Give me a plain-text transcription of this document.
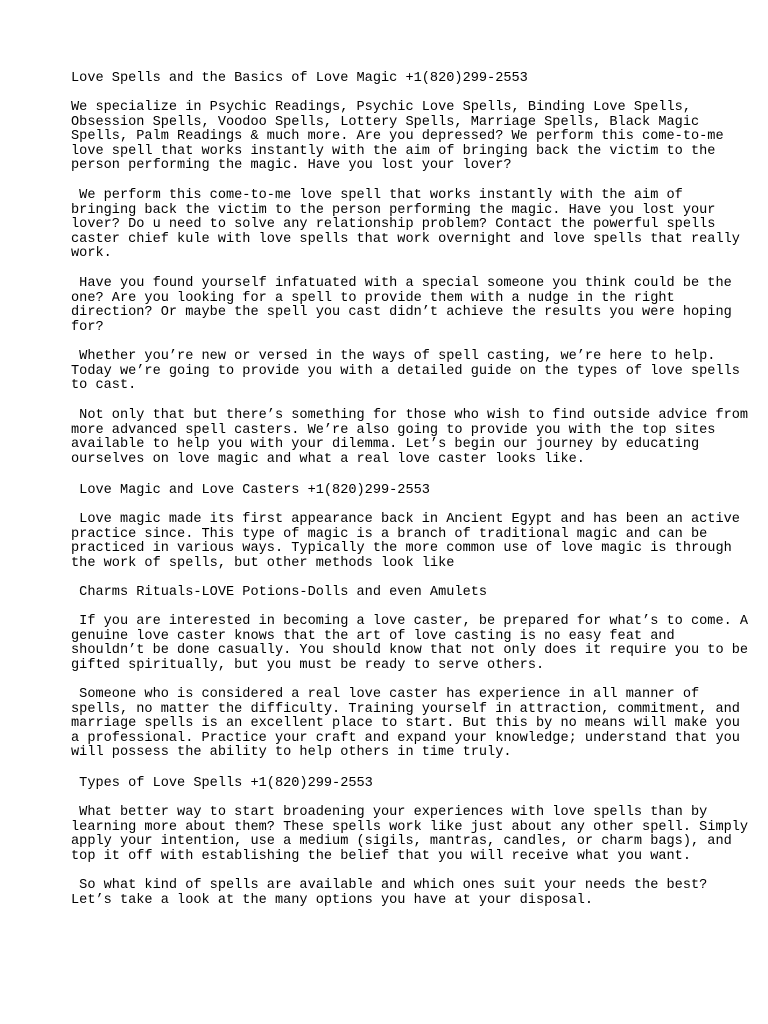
Love Spells and the Basics of Love Magic +1(820)299-2553

We specialize in Psychic Readings, Psychic Love Spells, Binding Love Spells,
Obsession Spells, Voodoo Spells, Lottery Spells, Marriage Spells, Black Magic
Spells, Palm Readings & much more. Are you depressed? We perform this come-to-me
love spell that works instantly with the aim of bringing back the victim to the
person performing the magic. Have you lost your lover?

We perform this come-to-me love spell that works instantly with the aim of
bringing back the victim to the person performing the magic. Have you lost your
lover? Do u need to solve any relationship problem? Contact the powerful spells
caster chief kule with love spells that work overnight and love spells that really
work.

Have you found yourself infatuated with a special someone you think could be the
one? Are you looking for a spell to provide them with a nudge in the right
direction? Or maybe the spell you cast didn’t achieve the results you were hoping
for?

Whether you’re new or versed in the ways of spell casting, we’re here to help.
Today we’re going to provide you with a detailed guide on the types of love spells
to cast.

Not only that but there’s something for those who wish to find outside advice from
more advanced spell casters. We’re also going to provide you with the top sites
available to help you with your dilemma. Let’s begin our journey by educating
ourselves on love magic and what a real love caster looks like.

Love Magic and Love Casters +1(820)299-2553

Love magic made its first appearance back in Ancient Egypt and has been an active
practice since. This type of magic is a branch of traditional magic and can be
practiced in various ways. Typically the more common use of love magic is through
the work of spells, but other methods look like

Charms Rituals-LOVE Potions-Dolls and even Amulets

If you are interested in becoming a love caster, be prepared for what’s to come. A
genuine love caster knows that the art of love casting is no easy feat and
shouldn’t be done casually. You should know that not only does it require you to be
gifted spiritually, but you must be ready to serve others.

Someone who is considered a real love caster has experience in all manner of
spells, no matter the difficulty. Training yourself in attraction, commitment, and
marriage spells is an excellent place to start. But this by no means will make you
a professional. Practice your craft and expand your knowledge; understand that you
will possess the ability to help others in time truly.

Types of Love Spells +1(820)299-2553

What better way to start broadening your experiences with love spells than by
learning more about them? These spells work like just about any other spell. Simply
apply your intention, use a medium (sigils, mantras, candles, or charm bags), and
top it off with establishing the belief that you will receive what you want.

So what kind of spells are available and which ones suit your needs the best?
Let’s take a look at the many options you have at your disposal.
